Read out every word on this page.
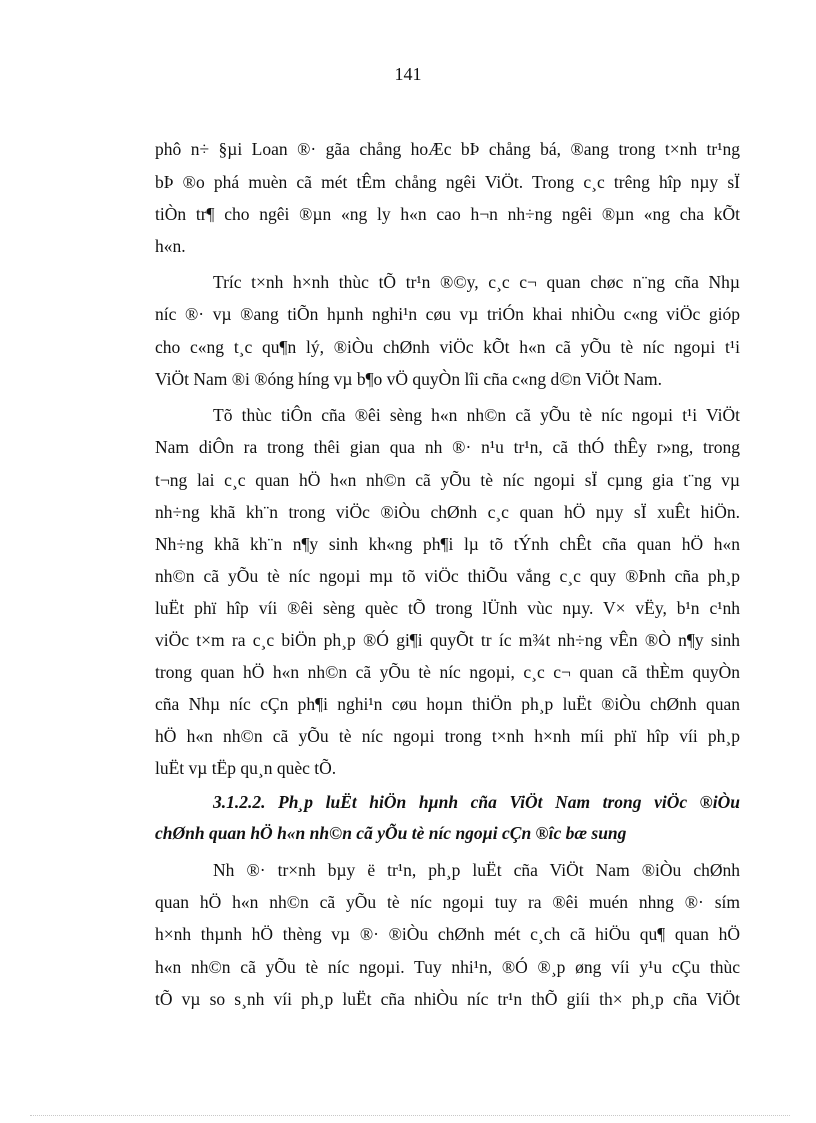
141
phô n÷ §µi Loan ®· gãa chång hoÆc bÞ chång bá, ®ang trong t×nh tr¹ng
bÞ ®o phá muèn cã mét tÊm chång ngêi ViÖt. Trong c¸c trêng hîp nµy sÏ
tiÒn tr¶ cho ngêi ®µn «ng ly h«n cao h¬n nh÷ng ngêi ®µn «ng cha kÕt
h«n.
Tríc t×nh h×nh thùc tÕ tr¹n ®©y, c¸c c¬ quan chøc n¨ng cña Nhµ
níc ®· vµ ®ang tiÕn hµnh nghi¹n cøu vµ triÓn khai nhiÒu c«ng viÖc gióp
cho c«ng t¸c qu¶n lý, ®iÒu chØnh viÖc kÕt h«n cã yÕu tè níc ngoµi t¹i
ViÖt Nam ®i ®óng híng vµ b¶o vÖ quyÒn lîi cña c«ng d©n ViÖt Nam.
Tõ thùc tiÔn cña ®êi sèng h«n nh©n cã yÕu tè níc ngoµi t¹i ViÖt
Nam diÔn ra trong thêi gian qua nh ®· n¹u tr¹n, cã thÓ thÊy r»ng, trong
t¬ng lai c¸c quan hÖ h«n nh©n cã yÕu tè níc ngoµi sÏ cµng gia t¨ng vµ
nh÷ng khã kh¨n trong viÖc ®iÒu chØnh c¸c quan hÖ nµy sÏ xuÊt hiÖn.
Nh÷ng khã kh¨n n¶y sinh kh«ng ph¶i lµ tõ tÝnh chÊt cña quan hÖ h«n
nh©n cã yÕu tè níc ngoµi mµ tõ viÖc thiÕu vắng c¸c quy ®Þnh cña ph¸p
luËt phï hîp víi ®êi sèng quèc tÕ trong lÜnh vùc nµy. V× vËy, b¹n c¹nh
viÖc t×m ra c¸c biÖn ph¸p ®Ó gi¶i quyÕt tr íc m¾t nh÷ng vÊn ®Ò n¶y sinh
trong quan hÖ h«n nh©n cã yÕu tè níc ngoµi, c¸c c¬ quan cã thÈm quyÒn
cña Nhµ níc cÇn ph¶i nghi¹n cøu hoµn thiÖn ph¸p luËt ®iÒu chØnh quan
hÖ h«n nh©n cã yÕu tè níc ngoµi trong t×nh h×nh míi phï hîp víi ph¸p
luËt vµ tËp qu¸n quèc tÕ.
3.1.2.2. Ph¸p luËt hiÖn hµnh cña ViÖt Nam trong viÖc ®iÒu
chØnh quan hÖ h«n nh©n cã yÕu tè níc ngoµi cÇn ®îc bæ sung
Nh ®· tr×nh bµy ë tr¹n, ph¸p luËt cña ViÖt Nam ®iÒu chØnh
quan hÖ h«n nh©n cã yÕu tè níc ngoµi tuy ra ®êi muén nhng ®· sím
h×nh thµnh hÖ thèng vµ ®· ®iÒu chØnh mét c¸ch cã hiÖu qu¶ quan hÖ
h«n nh©n cã yÕu tè níc ngoµi. Tuy nhi¹n, ®Ó ®¸p øng víi y¹u cÇu thùc
tÕ vµ so s¸nh víi ph¸p luËt cña nhiÒu níc tr¹n thÕ giíi th× ph¸p cña ViÖt
